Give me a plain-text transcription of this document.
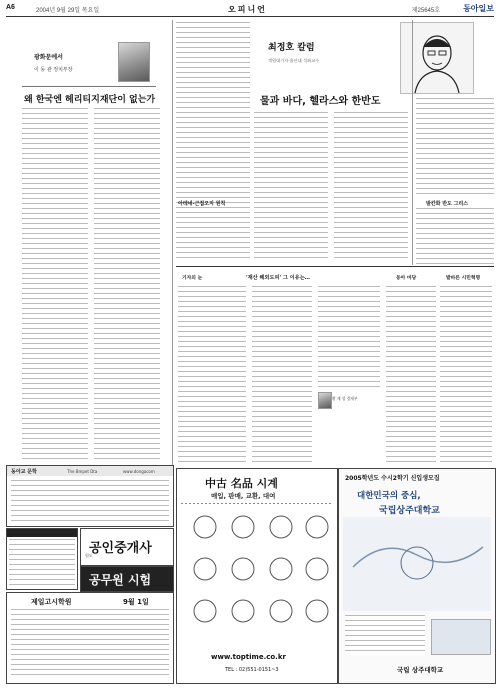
A6	2004년 9월 29일 목요일	오피니언	제25645호	동아일보
광화문에서
이 동 관 정치부장
왜 한국엔 헤리티지재단이 없는가
최정호 칼럼
객원대기자·울산대 석좌교수
물과 바다, 헬라스와 한반도
아테네-근접오지 원칙	발칸화 반도 그리스
기자의 눈	'재산 헤외도피' 그 이유는…
황 재 성 경제부
동아 마당	발바른 시민혁명
동아교 문학	The Bmpet Dta	www.dongacom
공인중개사
원도
공무원 시험
제일고시학원	9월 1일
中古 名品 시계
매입, 판매, 교환, 대여
www.toptime.co.kr
TEL : 02)551-0151~3
2005학년도 수시2학기 신입생모집
대한민국의 중심,
국립상주대학교
국립 상주대학교
